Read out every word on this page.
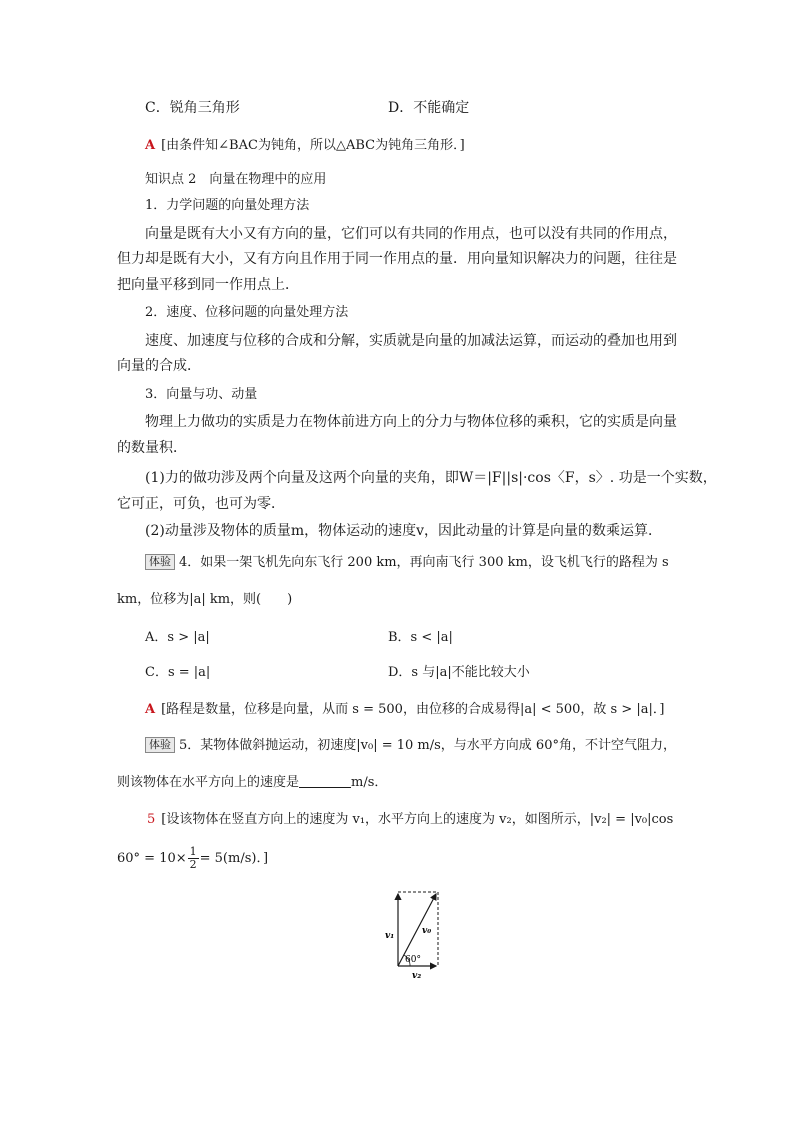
C．锐角三角形	D．不能确定
A [由条件知∠BAC为钝角，所以△ABC为钝角三角形．]
知识点 2　向量在物理中的应用
1．力学问题的向量处理方法
向量是既有大小又有方向的量，它们可以有共同的作用点，也可以没有共同的作用点，
但力却是既有大小，又有方向且作用于同一作用点的量．用向量知识解决力的问题，往往是
把向量平移到同一作用点上．
2．速度、位移问题的向量处理方法
速度、加速度与位移的合成和分解，实质就是向量的加减法运算，而运动的叠加也用到
向量的合成．
3．向量与功、动量
物理上力做功的实质是力在物体前进方向上的分力与物体位移的乘积，它的实质是向量
的数量积．
(1)力的做功涉及两个向量及这两个向量的夹角，即W＝|F||s|·cos〈F，s〉. 功是一个实数，
它可正，可负，也可为零．
(2)动量涉及物体的质量m，物体运动的速度v，因此动量的计算是向量的数乘运算．
体验 4．如果一架飞机先向东飞行 200 km，再向南飞行 300 km，设飞机飞行的路程为 s
km，位移为|a| km，则(　　)
A．s > |a|	B．s < |a|
C．s = |a|	D．s 与|a|不能比较大小
A [路程是数量，位移是向量，从而 s = 500，由位移的合成易得|a| < 500，故 s > |a|．]
体验 5．某物体做斜抛运动，初速度|v₀| = 10 m/s，与水平方向成 60°角，不计空气阻力，
则该物体在水平方向上的速度是	m/s．
5 [设该物体在竖直方向上的速度为 v₁，水平方向上的速度为 v₂，如图所示，|v₂| = |v₀|cos
$60^\circ = 10\times \frac{1}{2} = 5(m/s)$．]
v₁	v₀
60°
v₂
